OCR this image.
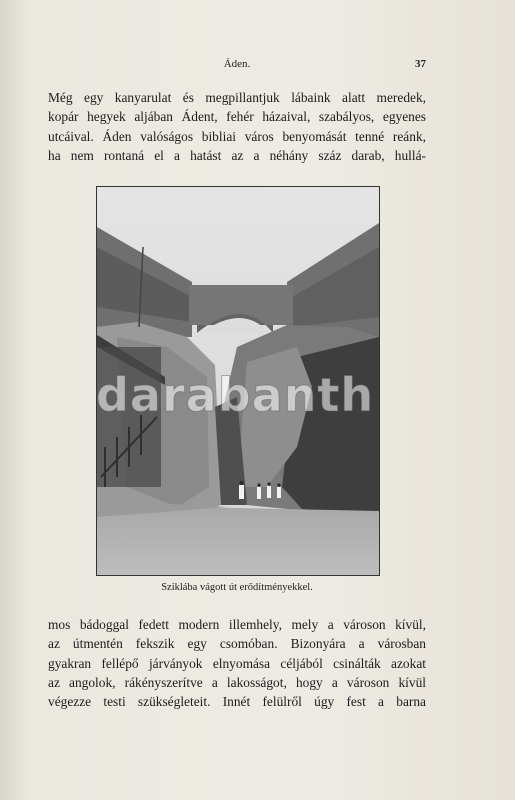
Áden.	37

Még egy kanyarulat és megpillantjuk lábaink alatt meredek,
kopár hegyek aljában Ádent, fehér házaival, szabályos, egyenes
utcáival. Áden valóságos bibliai város benyomását tenné reánk,
ha nem rontaná el a hatást az a néhány száz darab, hullá-

darabanth
Sziklába vágott út erődítményekkel.

mos bádoggal fedett modern illemhely, mely a városon kívül,
az útmentén fekszik egy csomóban. Bizonyára a városban
gyakran fellépő járványok elnyomása céljából csinálták azokat
az angolok, rákényszerítve a lakosságot, hogy a városon kívül
végezze testi szükségleteit. Innét felülről úgy fest a barna
